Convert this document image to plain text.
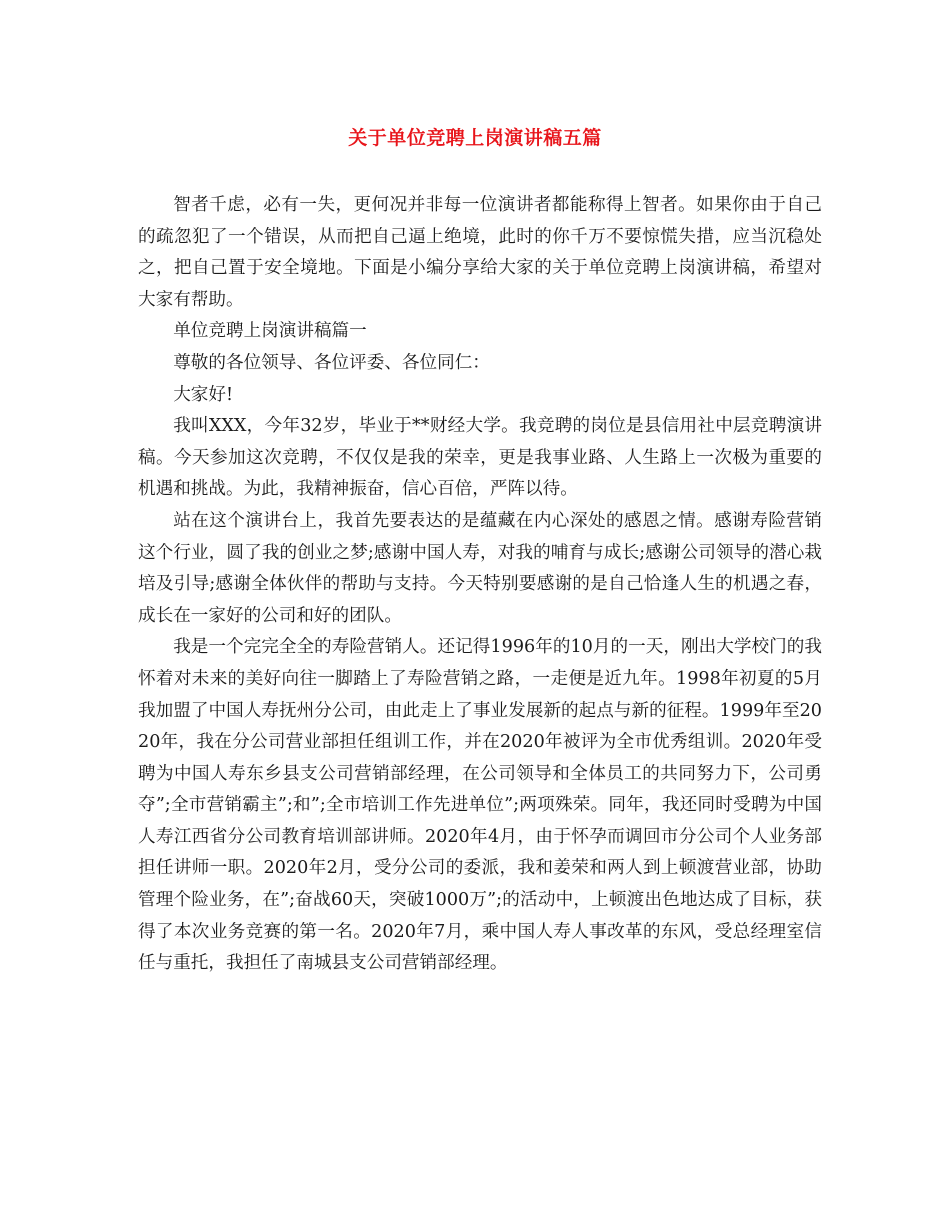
关于单位竞聘上岗演讲稿五篇

智者千虑，必有一失，更何况并非每一位演讲者都能称得上智者。如果你由于自己的疏忽犯了一个错误，从而把自己逼上绝境，此时的你千万不要惊慌失措，应当沉稳处之，把自己置于安全境地。下面是小编分享给大家的关于单位竞聘上岗演讲稿，希望对大家有帮助。

单位竞聘上岗演讲稿篇一

尊敬的各位领导、各位评委、各位同仁：

大家好!

我叫XXX，今年32岁，毕业于**财经大学。我竞聘的岗位是县信用社中层竞聘演讲稿。今天参加这次竞聘，不仅仅是我的荣幸，更是我事业路、人生路上一次极为重要的机遇和挑战。为此，我精神振奋，信心百倍，严阵以待。

站在这个演讲台上，我首先要表达的是蕴藏在内心深处的感恩之情。感谢寿险营销这个行业，圆了我的创业之梦;感谢中国人寿，对我的哺育与成长;感谢公司领导的潜心栽培及引导;感谢全体伙伴的帮助与支持。今天特别要感谢的是自己恰逢人生的机遇之春，成长在一家好的公司和好的团队。

我是一个完完全全的寿险营销人。还记得1996年的10月的一天，刚出大学校门的我怀着对未来的美好向往一脚踏上了寿险营销之路，一走便是近九年。1998年初夏的5月我加盟了中国人寿抚州分公司，由此走上了事业发展新的起点与新的征程。1999年至2020年，我在分公司营业部担任组训工作，并在2020年被评为全市优秀组训。2020年受聘为中国人寿东乡县支公司营销部经理，在公司领导和全体员工的共同努力下，公司勇夺”;全市营销霸主”;和”;全市培训工作先进单位”;两项殊荣。同年，我还同时受聘为中国人寿江西省分公司教育培训部讲师。2020年4月，由于怀孕而调回市分公司个人业务部担任讲师一职。2020年2月，受分公司的委派，我和姜荣和两人到上顿渡营业部，协助管理个险业务，在”;奋战60天，突破1000万”;的活动中，上顿渡出色地达成了目标，获得了本次业务竞赛的第一名。2020年7月，乘中国人寿人事改革的东风，受总经理室信任与重托，我担任了南城县支公司营销部经理。
